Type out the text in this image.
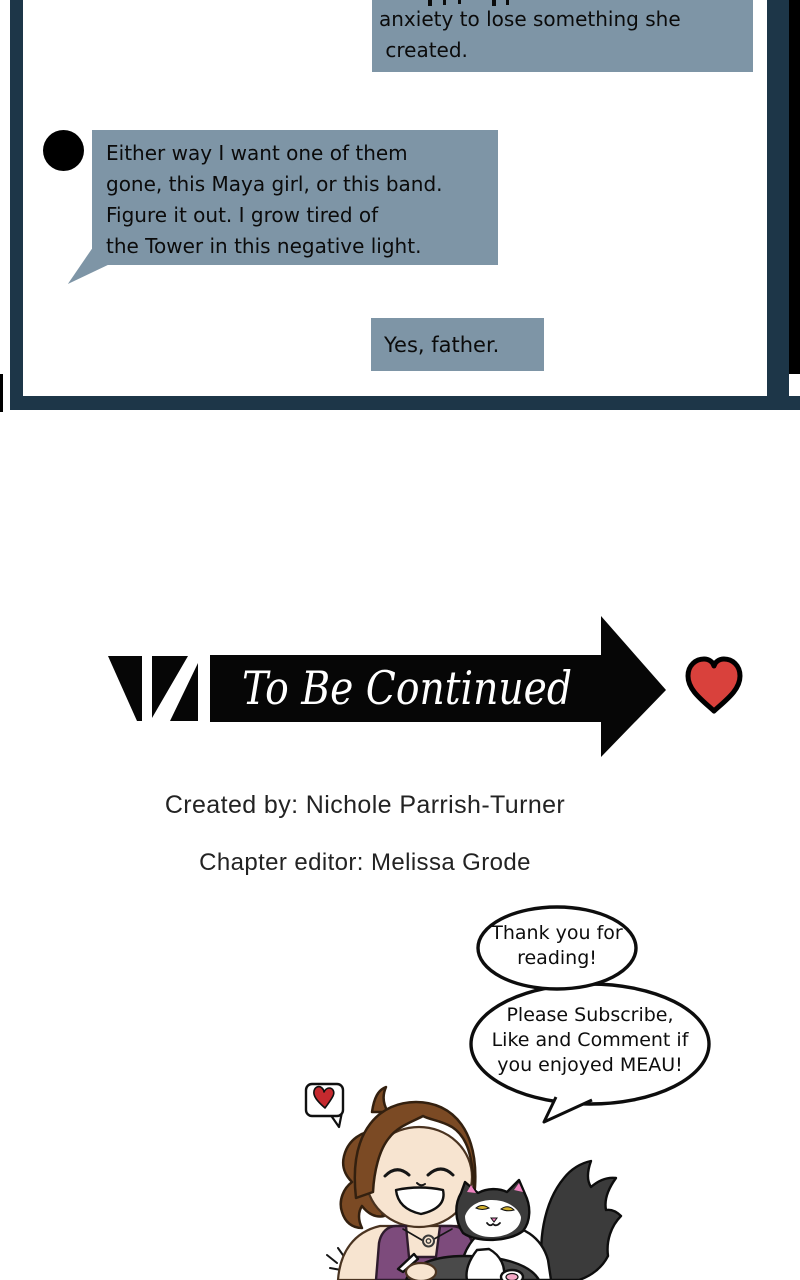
anxiety to lose something she
created.
Either way I want one of them
gone, this Maya girl, or this band.
Figure it out. I grow tired of
the Tower in this negative light.
Yes, father.
To Be Continued
Created by: Nichole Parrish-Turner
Chapter editor: Melissa Grode
Thank you for
reading!
Please Subscribe,
Like and Comment if
you enjoyed MEAU!
